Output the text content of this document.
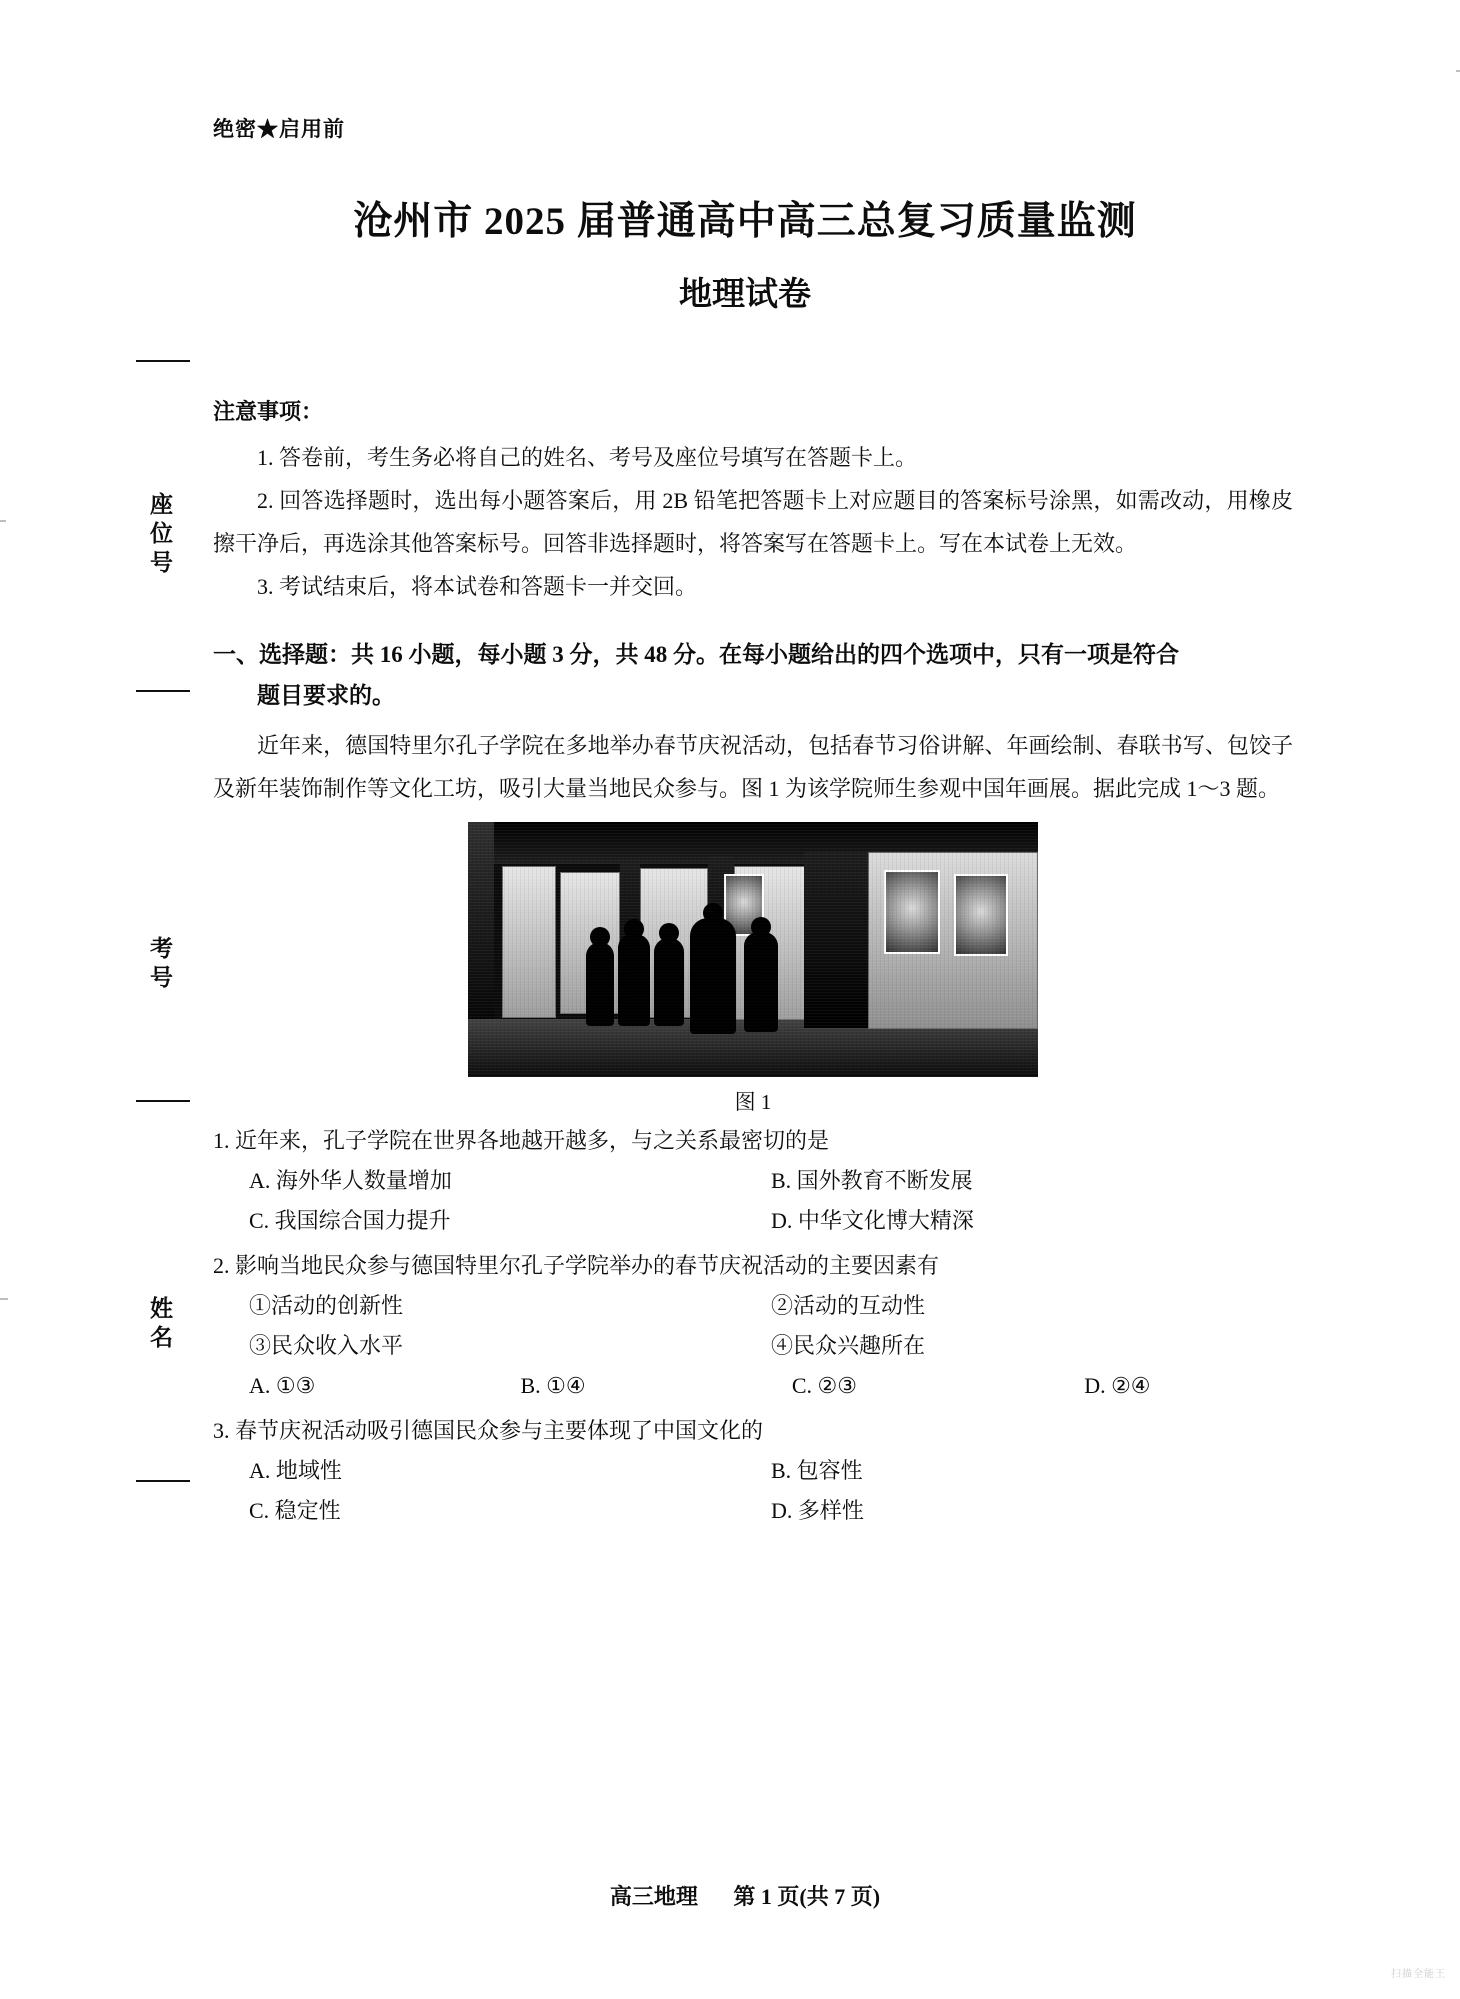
绝密★启用前
沧州市 2025 届普通高中高三总复习质量监测
地理试卷
座位号
考号
姓名
注意事项：
1. 答卷前，考生务必将自己的姓名、考号及座位号填写在答题卡上。
2. 回答选择题时，选出每小题答案后，用 2B 铅笔把答题卡上对应题目的答案标号涂黑，如需改动，用橡皮擦干净后，再选涂其他答案标号。回答非选择题时，将答案写在答题卡上。写在本试卷上无效。
3. 考试结束后，将本试卷和答题卡一并交回。
一、选择题：共 16 小题，每小题 3 分，共 48 分。在每小题给出的四个选项中，只有一项是符合
题目要求的。
近年来，德国特里尔孔子学院在多地举办春节庆祝活动，包括春节习俗讲解、年画绘制、春联书写、包饺子及新年装饰制作等文化工坊，吸引大量当地民众参与。图 1 为该学院师生参观中国年画展。据此完成 1～3 题。
图 1
1. 近年来，孔子学院在世界各地越开越多，与之关系最密切的是
A. 海外华人数量增加	B. 国外教育不断发展
C. 我国综合国力提升	D. 中华文化博大精深
2. 影响当地民众参与德国特里尔孔子学院举办的春节庆祝活动的主要因素有
①活动的创新性	②活动的互动性
③民众收入水平	④民众兴趣所在
A. ①③	B. ①④	C. ②③	D. ②④
3. 春节庆祝活动吸引德国民众参与主要体现了中国文化的
A. 地域性	B. 包容性
C. 稳定性	D. 多样性
高三地理 第 1 页(共 7 页)
扫描全能王
